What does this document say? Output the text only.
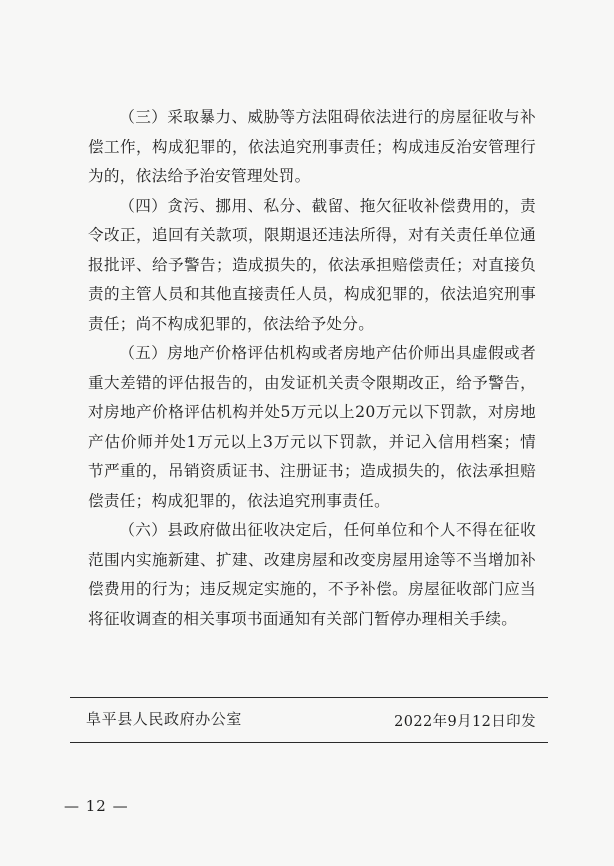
（三）采取暴力、威胁等方法阻碍依法进行的房屋征收与补偿工作，构成犯罪的，依法追究刑事责任；构成违反治安管理行为的，依法给予治安管理处罚。

（四）贪污、挪用、私分、截留、拖欠征收补偿费用的，责令改正，追回有关款项，限期退还违法所得，对有关责任单位通报批评、给予警告；造成损失的，依法承担赔偿责任；对直接负责的主管人员和其他直接责任人员，构成犯罪的，依法追究刑事责任；尚不构成犯罪的，依法给予处分。

（五）房地产价格评估机构或者房地产估价师出具虚假或者重大差错的评估报告的，由发证机关责令限期改正，给予警告，对房地产价格评估机构并处5万元以上20万元以下罚款，对房地产估价师并处1万元以上3万元以下罚款，并记入信用档案；情节严重的，吊销资质证书、注册证书；造成损失的，依法承担赔偿责任；构成犯罪的，依法追究刑事责任。

（六）县政府做出征收决定后，任何单位和个人不得在征收范围内实施新建、扩建、改建房屋和改变房屋用途等不当增加补偿费用的行为；违反规定实施的，不予补偿。房屋征收部门应当将征收调查的相关事项书面通知有关部门暂停办理相关手续。

阜平县人民政府办公室	2022年9月12日印发
— 12 —
